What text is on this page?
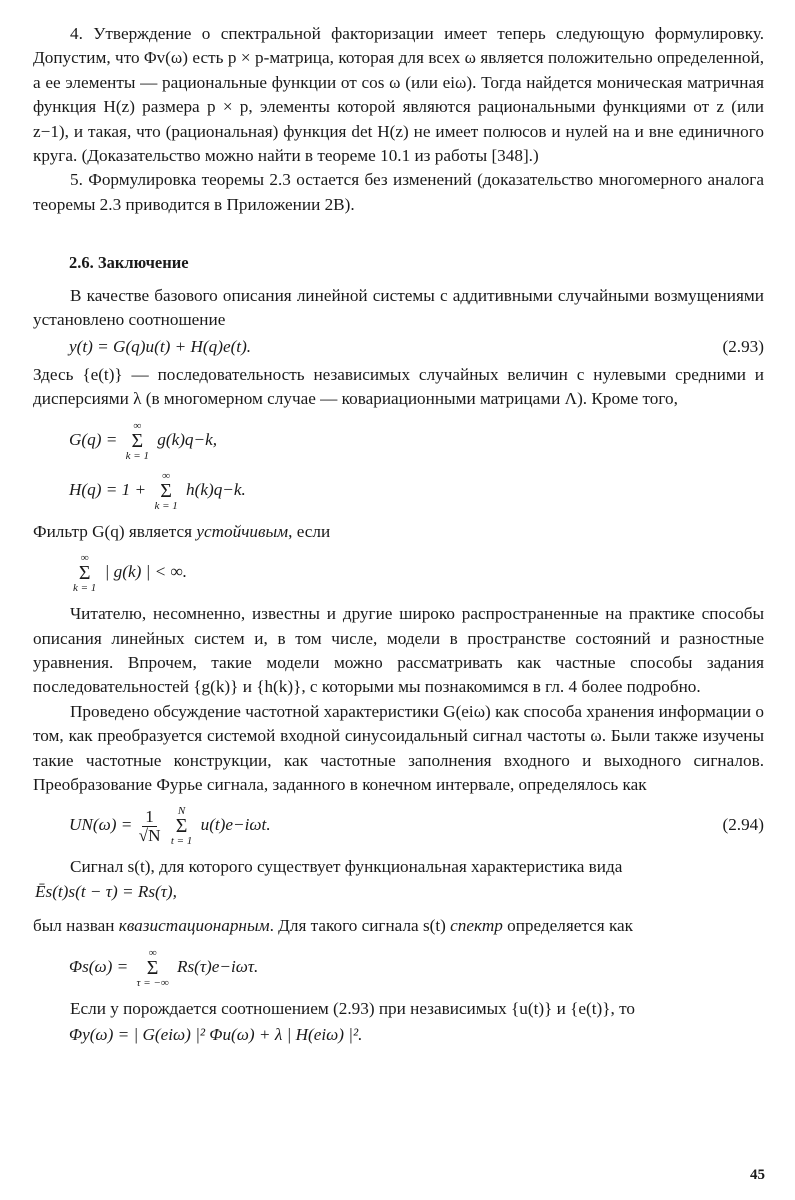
4. Утверждение о спектральной факторизации имеет теперь следующую формулировку. Допустим, что Φv(ω) есть p × p-матрица, которая для всех ω является положительно определенной, а ее элементы — рациональные функции от cos ω (или eiω). Тогда найдется моническая матричная функция H(z) размера p × p, элементы которой являются рациональными функциями от z (или z−1), и такая, что (рациональная) функция det H(z) не имеет полюсов и нулей на и вне единичного круга. (Доказательство можно найти в теореме 10.1 из работы [348].)

5. Формулировка теоремы 2.3 остается без изменений (доказательство многомерного аналога теоремы 2.3 приводится в Приложении 2В).

2.6. Заключение

В качестве базового описания линейной системы с аддитивными случайными возмущениями установлено соотношение

y(t) = G(q)u(t) + H(q)e(t).	(2.93)

Здесь {e(t)} — последовательность независимых случайных величин с нулевыми средними и дисперсиями λ (в многомерном случае — ковариационными матрицами Λ). Кроме того,

G(q) =
∞
Σ
k = 1
g(k)q−k,
H(q) = 1 +
∞
Σ
k = 1
h(k)q−k.

Фильтр G(q) является устойчивым, если

∞
Σ
k = 1
| g(k) | < ∞.

Читателю, несомненно, известны и другие широко распространенные на практике способы описания линейных систем и, в том числе, модели в пространстве состояний и разностные уравнения. Впрочем, такие модели можно рассматривать как частные способы задания последовательностей {g(k)} и {h(k)}, с которыми мы познакомимся в гл. 4 более подробно.

Проведено обсуждение частотной характеристики G(eiω) как способа хранения информации о том, как преобразуется системой входной синусоидальный сигнал частоты ω. Были также изучены такие частотные конструкции, как частотные заполнения входного и выходного сигналов. Преобразование Фурье сигнала, заданного в конечном интервале, определялось как

$UN(\omega) = \frac{1}{√N}$
N
Σ
t = 1
u(t)e−iωt.	(2.94)

Сигнал s(t), для которого существует функциональная характеристика вида

Ēs(t)s(t − τ) = Rs(τ),

был назван квазистационарным. Для такого сигнала s(t) спектр определяется как

Φs(ω) =
∞
Σ
τ = −∞
Rs(τ)e−iωτ.

Если y порождается соотношением (2.93) при независимых {u(t)} и {e(t)}, то

Φy(ω) = | G(eiω) |² Φu(ω) + λ | H(eiω) |².
45
